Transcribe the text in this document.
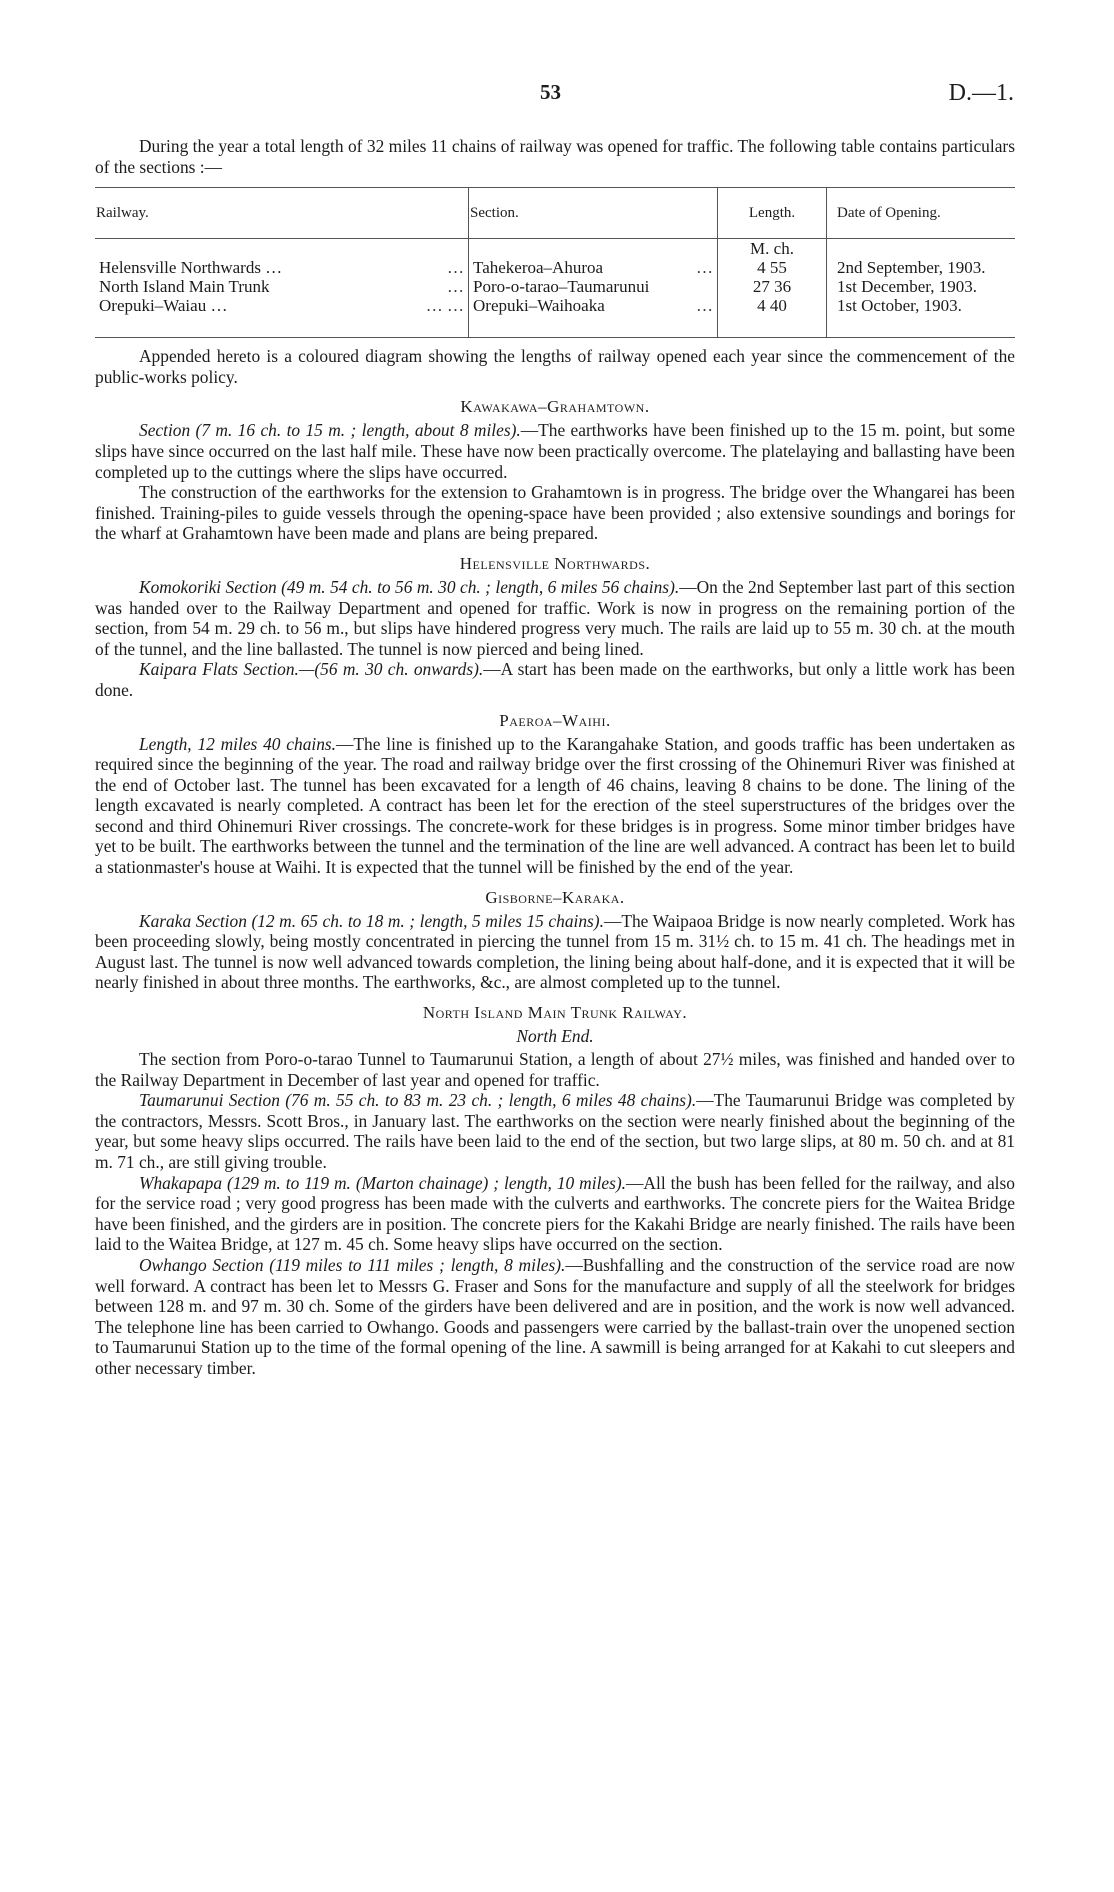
53	D.—1.

During the year a total length of 32 miles 11 chains of railway was opened for traffic. The following table contains particulars of the sections :—

Railway.	Section.	Length.	Date of Opening.
		M. ch.	
Helensville Northwards … …	Tahekeroa–Ahuroa …	4 55	2nd September, 1903.
North Island Main Trunk …	Poro-o-tarao–Taumarunui	27 36	1st December, 1903.
Orepuki–Waiau … … …	Orepuki–Waihoaka …	4 40	1st October, 1903.

Appended hereto is a coloured diagram showing the lengths of railway opened each year since the commencement of the public-works policy.

Kawakawa–Grahamtown.

Section (7 m. 16 ch. to 15 m. ; length, about 8 miles).—The earthworks have been finished up to the 15 m. point, but some slips have since occurred on the last half mile. These have now been practically overcome. The platelaying and ballasting have been completed up to the cuttings where the slips have occurred.

The construction of the earthworks for the extension to Grahamtown is in progress. The bridge over the Whangarei has been finished. Training-piles to guide vessels through the opening-space have been provided ; also extensive soundings and borings for the wharf at Grahamtown have been made and plans are being prepared.

Helensville Northwards.

Komokoriki Section (49 m. 54 ch. to 56 m. 30 ch. ; length, 6 miles 56 chains).—On the 2nd September last part of this section was handed over to the Railway Department and opened for traffic. Work is now in progress on the remaining portion of the section, from 54 m. 29 ch. to 56 m., but slips have hindered progress very much. The rails are laid up to 55 m. 30 ch. at the mouth of the tunnel, and the line ballasted. The tunnel is now pierced and being lined.

Kaipara Flats Section.—(56 m. 30 ch. onwards).—A start has been made on the earthworks, but only a little work has been done.

Paeroa–Waihi.

Length, 12 miles 40 chains.—The line is finished up to the Karangahake Station, and goods traffic has been undertaken as required since the beginning of the year. The road and railway bridge over the first crossing of the Ohinemuri River was finished at the end of October last. The tunnel has been excavated for a length of 46 chains, leaving 8 chains to be done. The lining of the length excavated is nearly completed. A contract has been let for the erection of the steel superstructures of the bridges over the second and third Ohinemuri River crossings. The concrete-work for these bridges is in progress. Some minor timber bridges have yet to be built. The earthworks between the tunnel and the termination of the line are well advanced. A contract has been let to build a stationmaster's house at Waihi. It is expected that the tunnel will be finished by the end of the year.

Gisborne–Karaka.

Karaka Section (12 m. 65 ch. to 18 m. ; length, 5 miles 15 chains).—The Waipaoa Bridge is now nearly completed. Work has been proceeding slowly, being mostly concentrated in piercing the tunnel from 15 m. 31½ ch. to 15 m. 41 ch. The headings met in August last. The tunnel is now well advanced towards completion, the lining being about half-done, and it is expected that it will be nearly finished in about three months. The earthworks, &c., are almost completed up to the tunnel.

North Island Main Trunk Railway.
North End.

The section from Poro-o-tarao Tunnel to Taumarunui Station, a length of about 27½ miles, was finished and handed over to the Railway Department in December of last year and opened for traffic.

Taumarunui Section (76 m. 55 ch. to 83 m. 23 ch. ; length, 6 miles 48 chains).—The Taumarunui Bridge was completed by the contractors, Messrs. Scott Bros., in January last. The earthworks on the section were nearly finished about the beginning of the year, but some heavy slips occurred. The rails have been laid to the end of the section, but two large slips, at 80 m. 50 ch. and at 81 m. 71 ch., are still giving trouble.

Whakapapa (129 m. to 119 m. (Marton chainage) ; length, 10 miles).—All the bush has been felled for the railway, and also for the service road ; very good progress has been made with the culverts and earthworks. The concrete piers for the Waitea Bridge have been finished, and the girders are in position. The concrete piers for the Kakahi Bridge are nearly finished. The rails have been laid to the Waitea Bridge, at 127 m. 45 ch. Some heavy slips have occurred on the section.

Owhango Section (119 miles to 111 miles ; length, 8 miles).—Bushfalling and the construction of the service road are now well forward. A contract has been let to Messrs G. Fraser and Sons for the manufacture and supply of all the steelwork for bridges between 128 m. and 97 m. 30 ch. Some of the girders have been delivered and are in position, and the work is now well advanced. The telephone line has been carried to Owhango. Goods and passengers were carried by the ballast-train over the unopened section to Taumarunui Station up to the time of the formal opening of the line. A sawmill is being arranged for at Kakahi to cut sleepers and other necessary timber.
